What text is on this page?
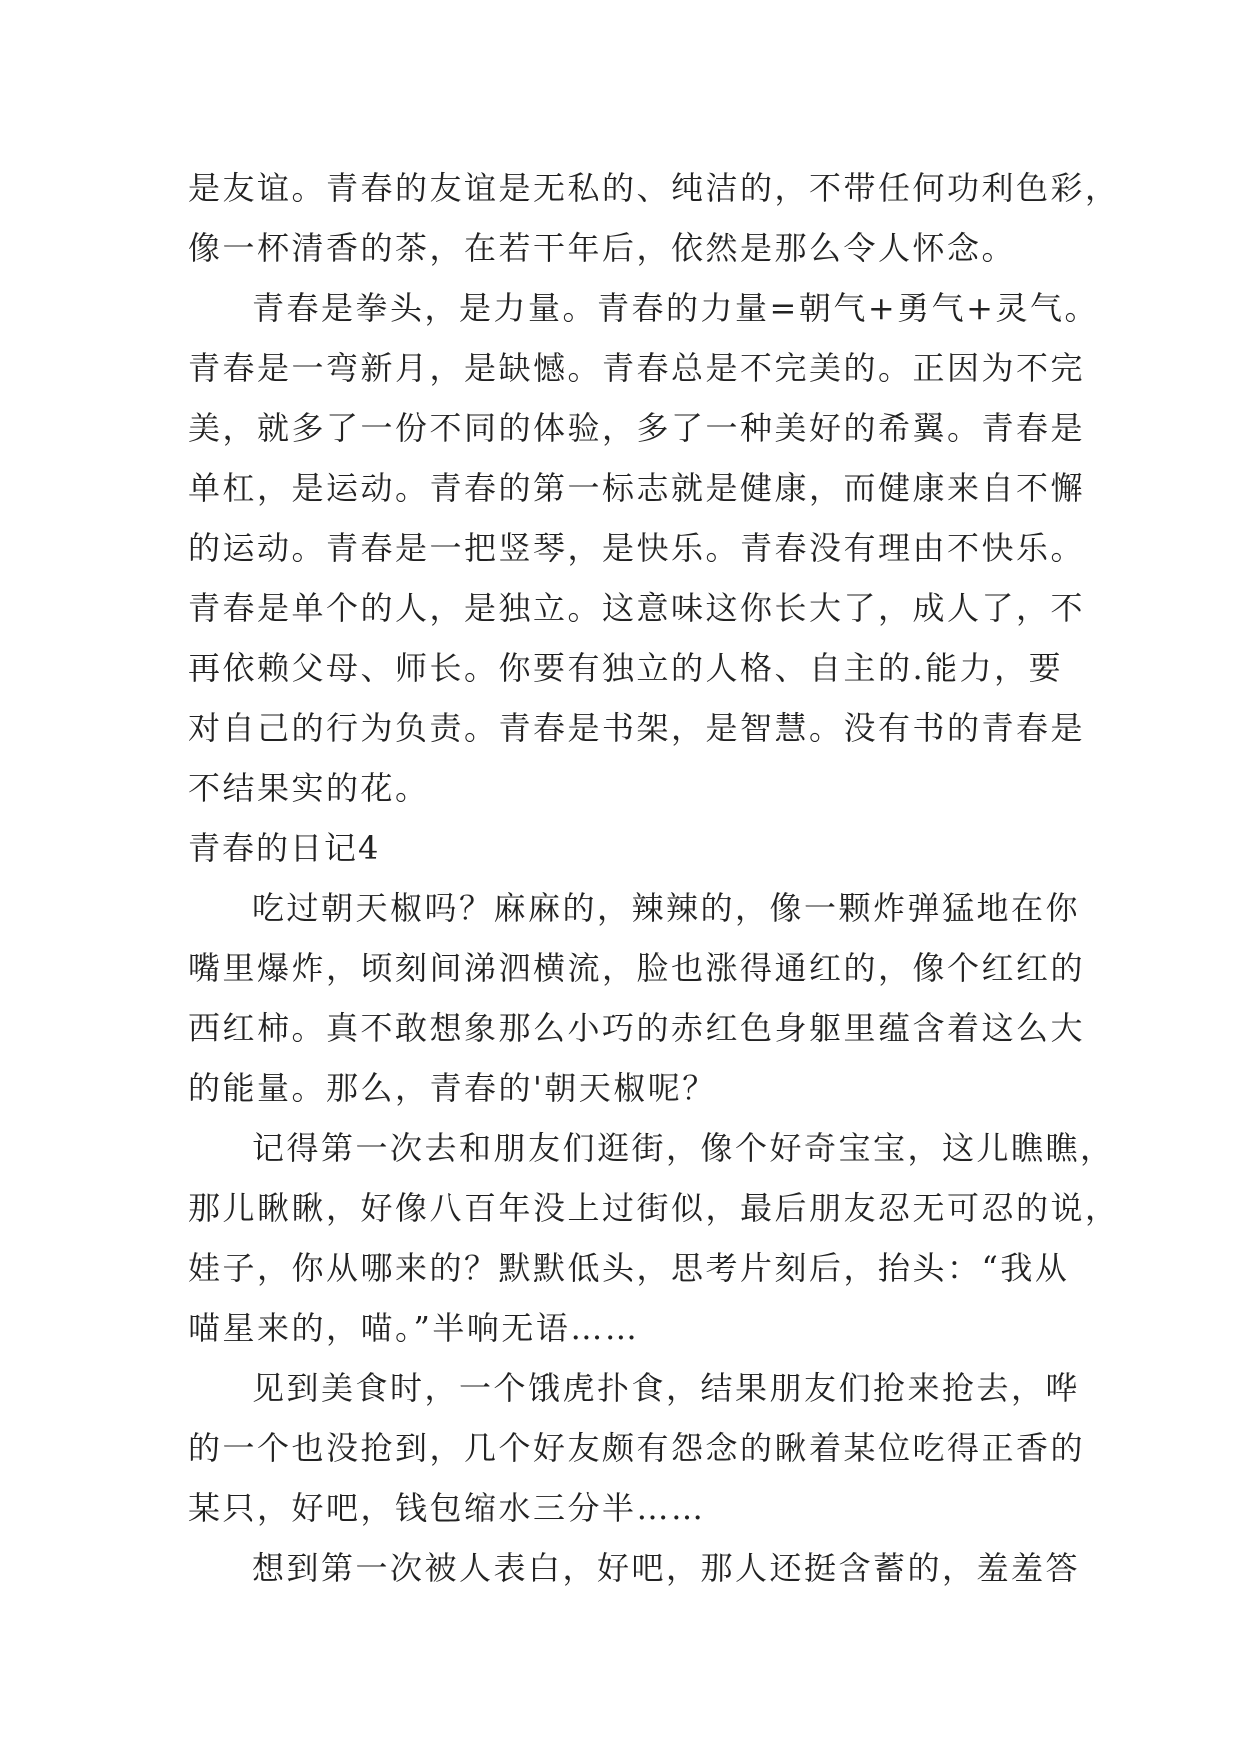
是友谊。青春的友谊是无私的、纯洁的，不带任何功利色彩，
像一杯清香的茶，在若干年后，依然是那么令人怀念。
青春是拳头，是力量。青春的力量=朝气+勇气+灵气。
青春是一弯新月，是缺憾。青春总是不完美的。正因为不完
美，就多了一份不同的体验，多了一种美好的希翼。青春是
单杠，是运动。青春的第一标志就是健康，而健康来自不懈
的运动。青春是一把竖琴，是快乐。青春没有理由不快乐。
青春是单个的人，是独立。这意味这你长大了，成人了，不
再依赖父母、师长。你要有独立的人格、自主的.能力，要
对自己的行为负责。青春是书架，是智慧。没有书的青春是
不结果实的花。
青春的日记4
吃过朝天椒吗？麻麻的，辣辣的，像一颗炸弹猛地在你
嘴里爆炸，顷刻间涕泗横流，脸也涨得通红的，像个红红的
西红柿。真不敢想象那么小巧的赤红色身躯里蕴含着这么大
的能量。那么，青春的'朝天椒呢？
记得第一次去和朋友们逛街，像个好奇宝宝，这儿瞧瞧，
那儿瞅瞅，好像八百年没上过街似，最后朋友忍无可忍的说，
娃子，你从哪来的？默默低头，思考片刻后，抬头：“我从
喵星来的，喵。”半响无语……
见到美食时，一个饿虎扑食，结果朋友们抢来抢去，哗
的一个也没抢到，几个好友颇有怨念的瞅着某位吃得正香的
某只，好吧，钱包缩水三分半……
想到第一次被人表白，好吧，那人还挺含蓄的，羞羞答
